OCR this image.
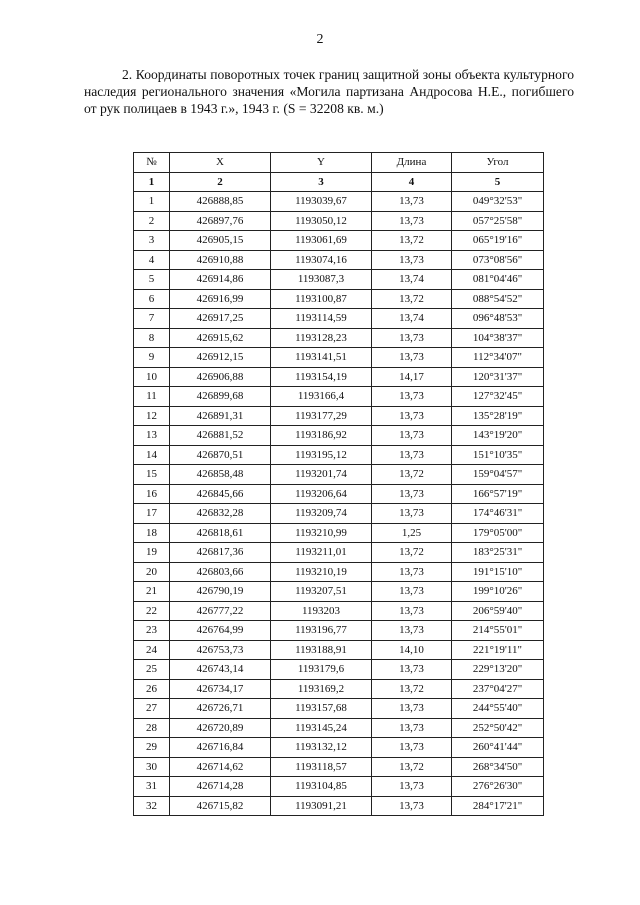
2

2. Координаты поворотных точек границ защитной зоны объекта культурного наследия регионального значения «Могила партизана Андросова Н.Е., погибшего от рук полицаев в 1943 г.», 1943 г. (S = 32208 кв. м.)

№	X	Y	Длина	Угол
1	2	3	4	5
1	426888,85	1193039,67	13,73	049°32'53"
2	426897,76	1193050,12	13,73	057°25'58"
3	426905,15	1193061,69	13,72	065°19'16"
4	426910,88	1193074,16	13,73	073°08'56"
5	426914,86	1193087,3	13,74	081°04'46"
6	426916,99	1193100,87	13,72	088°54'52"
7	426917,25	1193114,59	13,74	096°48'53"
8	426915,62	1193128,23	13,73	104°38'37"
9	426912,15	1193141,51	13,73	112°34'07"
10	426906,88	1193154,19	14,17	120°31'37"
11	426899,68	1193166,4	13,73	127°32'45"
12	426891,31	1193177,29	13,73	135°28'19"
13	426881,52	1193186,92	13,73	143°19'20"
14	426870,51	1193195,12	13,73	151°10'35"
15	426858,48	1193201,74	13,72	159°04'57"
16	426845,66	1193206,64	13,73	166°57'19"
17	426832,28	1193209,74	13,73	174°46'31"
18	426818,61	1193210,99	1,25	179°05'00"
19	426817,36	1193211,01	13,72	183°25'31"
20	426803,66	1193210,19	13,73	191°15'10"
21	426790,19	1193207,51	13,73	199°10'26"
22	426777,22	1193203	13,73	206°59'40"
23	426764,99	1193196,77	13,73	214°55'01"
24	426753,73	1193188,91	14,10	221°19'11"
25	426743,14	1193179,6	13,73	229°13'20"
26	426734,17	1193169,2	13,72	237°04'27"
27	426726,71	1193157,68	13,73	244°55'40"
28	426720,89	1193145,24	13,73	252°50'42"
29	426716,84	1193132,12	13,73	260°41'44"
30	426714,62	1193118,57	13,72	268°34'50"
31	426714,28	1193104,85	13,73	276°26'30"
32	426715,82	1193091,21	13,73	284°17'21"
